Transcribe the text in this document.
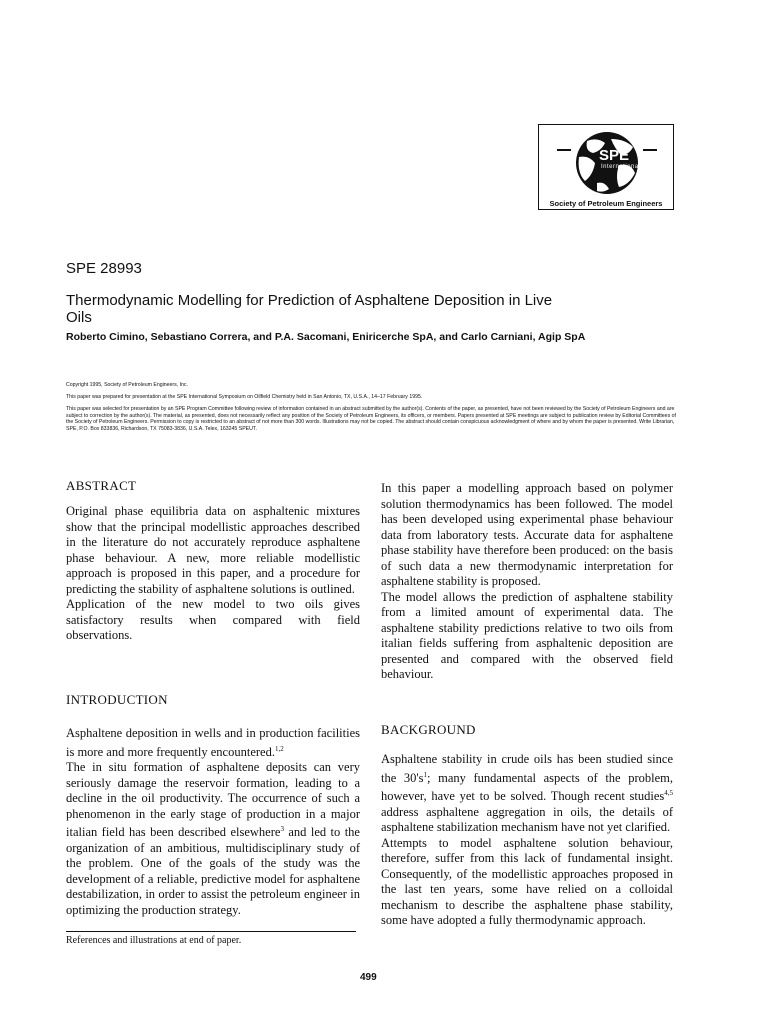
SPE
International
Society of Petroleum Engineers
SPE 28993
Thermodynamic Modelling for Prediction of Asphaltene Deposition in Live Oils
Roberto Cimino, Sebastiano Correra, and P.A. Sacomani, Eniricerche SpA, and Carlo Carniani, Agip SpA
Copyright 1995, Society of Petroleum Engineers, Inc.
This paper was prepared for presentation at the SPE International Symposium on Oilfield Chemistry held in San Antonio, TX, U.S.A., 14–17 February 1995.
This paper was selected for presentation by an SPE Program Committee following review of information contained in an abstract submitted by the author(s). Contents of the paper, as presented, have not been reviewed by the Society of Petroleum Engineers and are subject to correction by the author(s). The material, as presented, does not necessarily reflect any position of the Society of Petroleum Engineers, its officers, or members. Papers presented at SPE meetings are subject to publication review by Editorial Committees of the Society of Petroleum Engineers. Permission to copy is restricted to an abstract of not more than 300 words. Illustrations may not be copied. The abstract should contain conspicuous acknowledgment of where and by whom the paper is presented. Write Librarian, SPE, P.O. Box 833836, Richardson, TX 75083-3836, U.S.A. Telex, 163245 SPEUT.
ABSTRACT

Original phase equilibria data on asphaltenic mixtures show that the principal modellistic approaches described in the literature do not accurately reproduce asphaltene phase behaviour. A new, more reliable modellistic approach is proposed in this paper, and a procedure for predicting the stability of asphaltene solutions is outlined.

Application of the new model to two oils gives satisfactory results when compared with field observations.

In this paper a modelling approach based on polymer solution thermodynamics has been followed. The model has been developed using experimental phase behaviour data from laboratory tests. Accurate data for asphaltene phase stability have therefore been produced: on the basis of such data a new thermodynamic interpretation for asphaltene stability is proposed.

The model allows the prediction of asphaltene stability from a limited amount of experimental data. The asphaltene stability predictions relative to two oils from italian fields suffering from asphaltenic deposition are presented and compared with the observed field behaviour.

INTRODUCTION

Asphaltene deposition in wells and in production facilities is more and more frequently encountered.$^{1,2}$

The in situ formation of asphaltene deposits can very seriously damage the reservoir formation, leading to a decline in the oil productivity. The occurrence of such a phenomenon in the early stage of production in a major italian field has been described elsewhere$^3$ and led to the organization of an ambitious, multidisciplinary study of the problem. One of the goals of the study was the development of a reliable, predictive model for asphaltene destabilization, in order to assist the petroleum engineer in optimizing the production strategy.

BACKGROUND

Asphaltene stability in crude oils has been studied since the $30's^1$; many fundamental aspects of the problem, however, have yet to be solved. Though recent studies$^{4,5}$ address asphaltene aggregation in oils, the details of asphaltene stabilization mechanism have not yet clarified.

Attempts to model asphaltene solution behaviour, therefore, suffer from this lack of fundamental insight. Consequently, of the modellistic approaches proposed in the last ten years, some have relied on a colloidal mechanism to describe the asphaltene phase stability, some have adopted a fully thermodynamic approach.

References and illustrations at end of paper.
499
